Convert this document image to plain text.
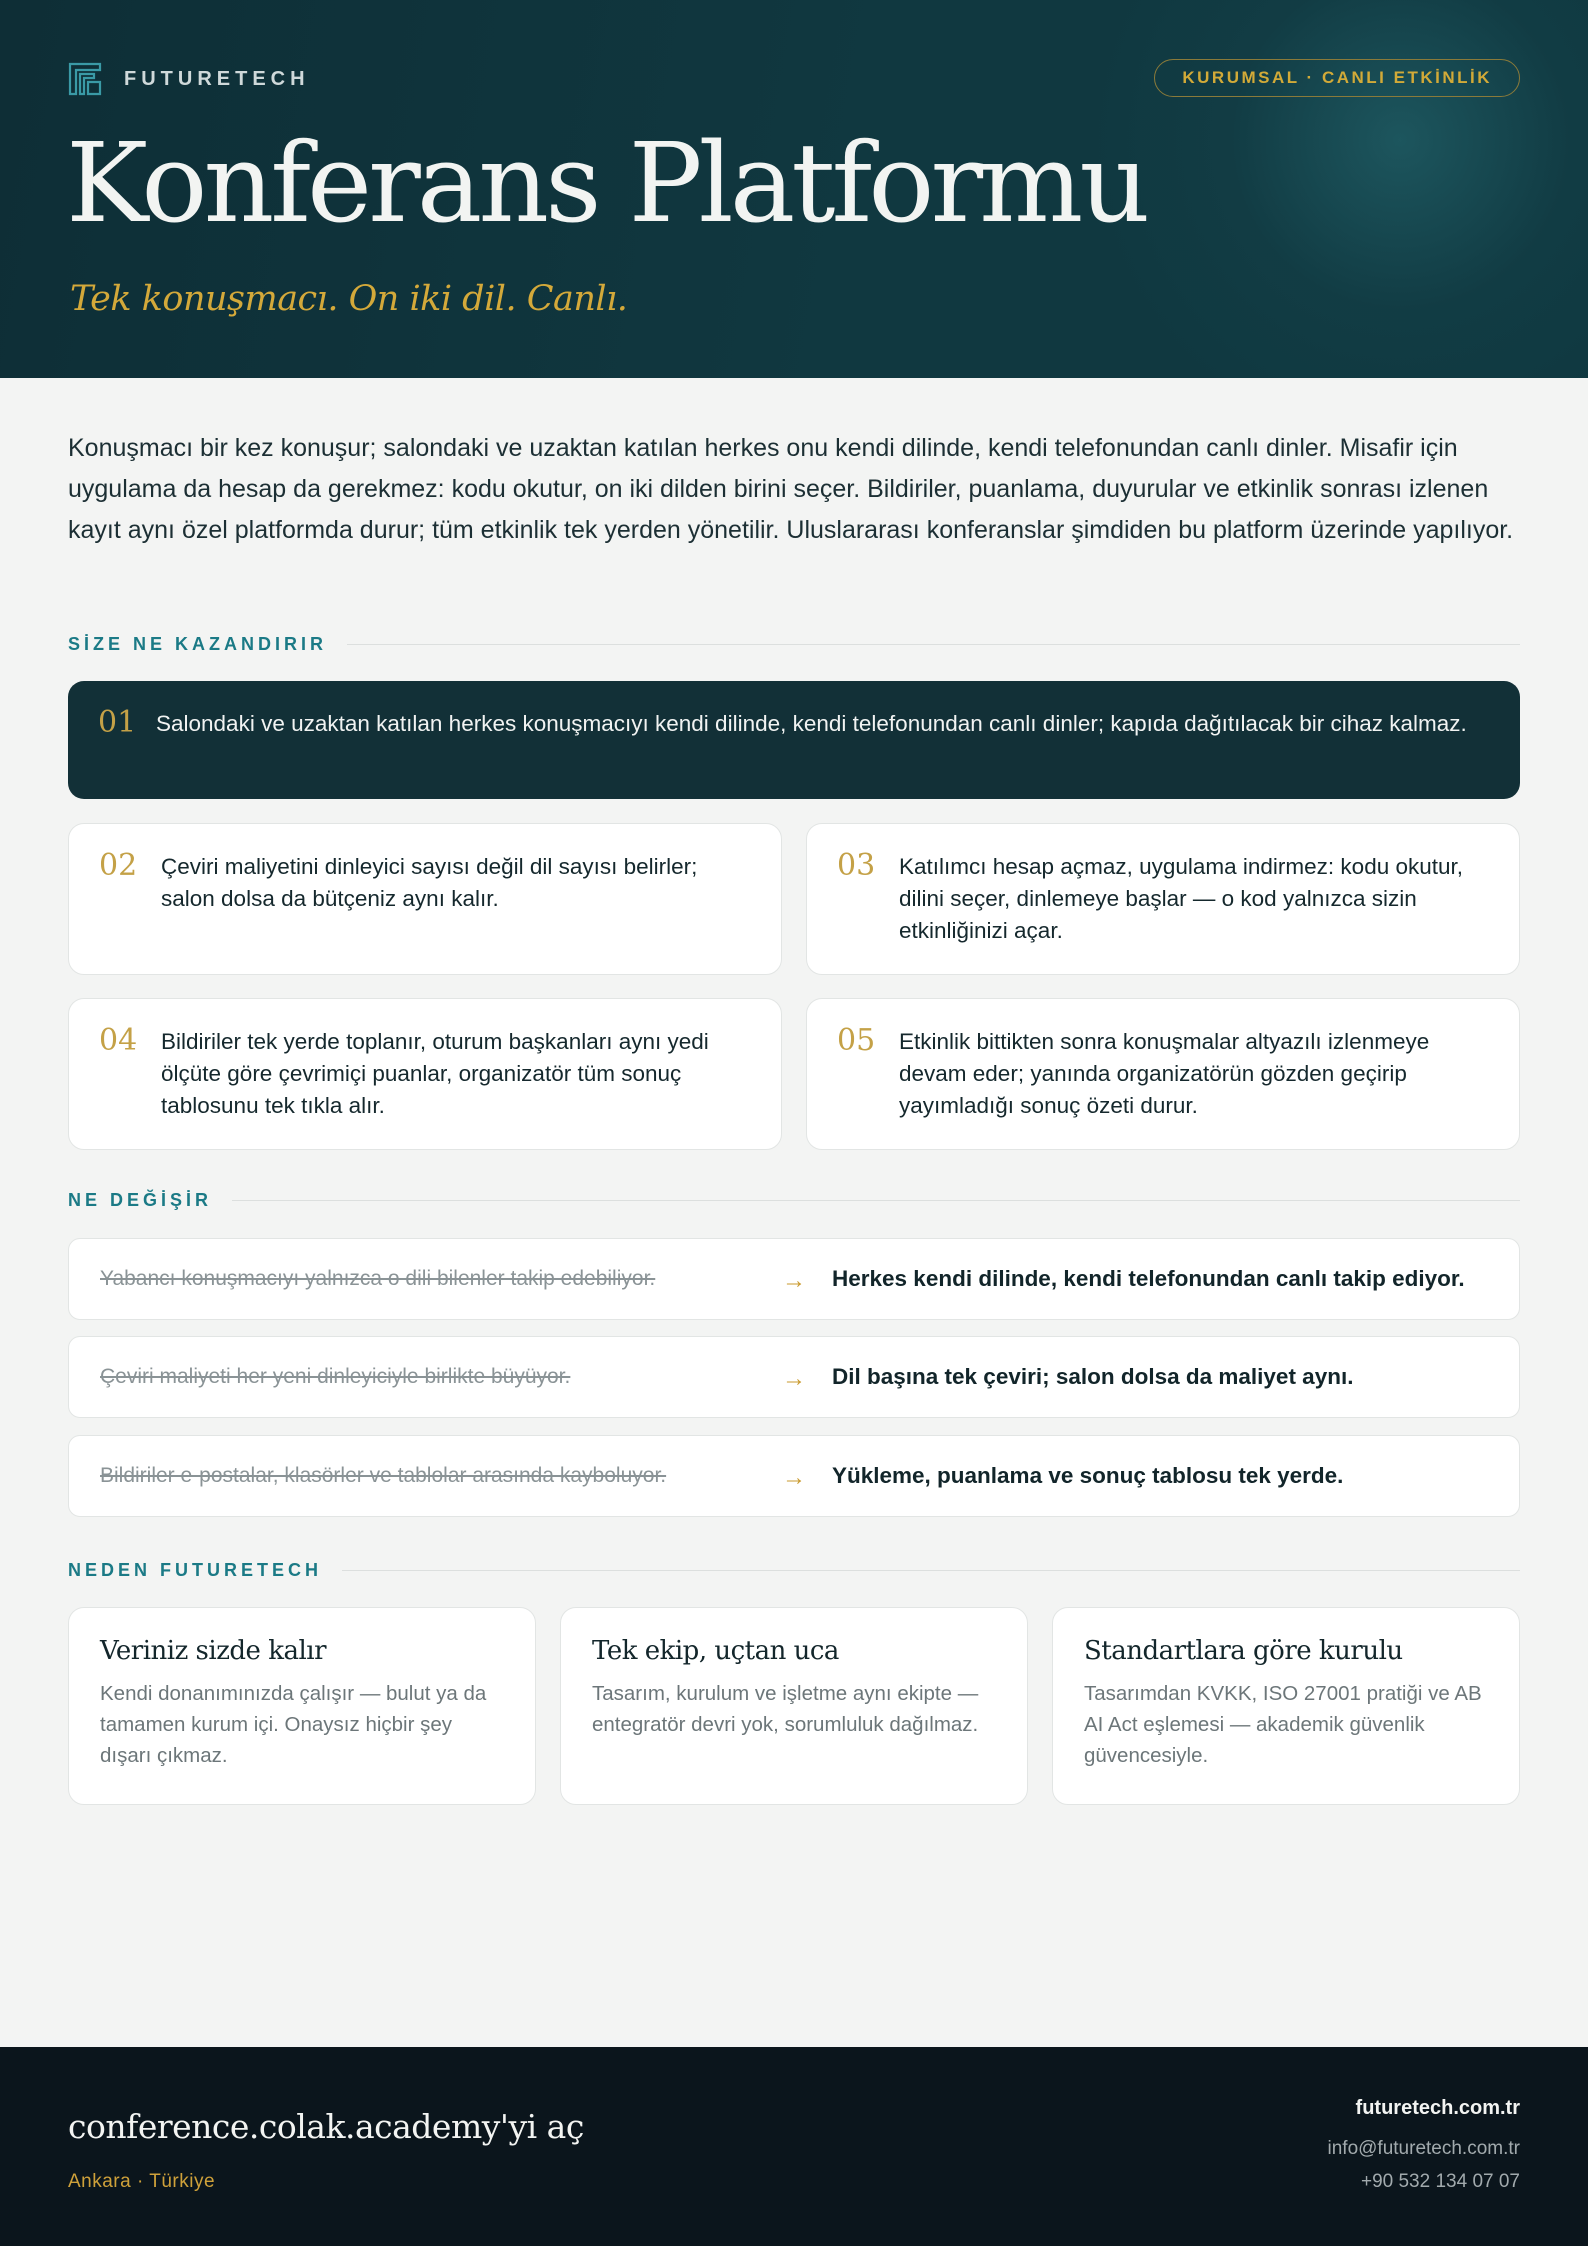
FUTURETECH	KURUMSAL · CANLI ETKİNLİK
Konferans Platformu

Tek konuşmacı. On iki dil. Canlı.

Konuşmacı bir kez konuşur; salondaki ve uzaktan katılan herkes onu kendi dilinde, kendi telefonundan canlı dinler. Misafir için uygulama da hesap da gerekmez: kodu okutur, on iki dilden birini seçer. Bildiriler, puanlama, duyurular ve etkinlik sonrası izlenen kayıt aynı özel platformda durur; tüm etkinlik tek yerden yönetilir. Uluslararası konferanslar şimdiden bu platform üzerinde yapılıyor.

SİZE NE KAZANDIRIR
01 Salondaki ve uzaktan katılan herkes konuşmacıyı kendi dilinde, kendi telefonundan canlı dinler; kapıda dağıtılacak bir cihaz kalmaz.
02	Çeviri maliyetini dinleyici sayısı değil dil sayısı belirler; salon dolsa da bütçeniz aynı kalır.
03	Katılımcı hesap açmaz, uygulama indirmez: kodu okutur, dilini seçer, dinlemeye başlar — o kod yalnızca sizin etkinliğinizi açar.
04	Bildiriler tek yerde toplanır, oturum başkanları aynı yedi ölçüte göre çevrimiçi puanlar, organizatör tüm sonuç tablosunu tek tıkla alır.
05	Etkinlik bittikten sonra konuşmalar altyazılı izlenmeye devam eder; yanında organizatörün gözden geçirip yayımladığı sonuç özeti durur.
NE DEĞİŞİR
Yabancı konuşmacıyı yalnızca o dili bilenler takip edebiliyor.	→ Herkes kendi dilinde, kendi telefonundan canlı takip ediyor.
Çeviri maliyeti her yeni dinleyiciyle birlikte büyüyor.	→ Dil başına tek çeviri; salon dolsa da maliyet aynı.
Bildiriler e-postalar, klasörler ve tablolar arasında kayboluyor.	→ Yükleme, puanlama ve sonuç tablosu tek yerde.
NEDEN FUTURETECH

Veriniz sizde kalır

Kendi donanımınızda çalışır — bulut ya da tamamen kurum içi. Onaysız hiçbir şey dışarı çıkmaz.

Tek ekip, uçtan uca

Tasarım, kurulum ve işletme aynı ekipte — entegratör devri yok, sorumluluk dağılmaz.

Standartlara göre kurulu

Tasarımdan KVKK, ISO 27001 pratiği ve AB AI Act eşlemesi — akademik güvenlik güvencesiyle.

conference.colak.academy'yi aç
Ankara · Türkiye
futuretech.com.tr
info@futuretech.com.tr
+90 532 134 07 07
